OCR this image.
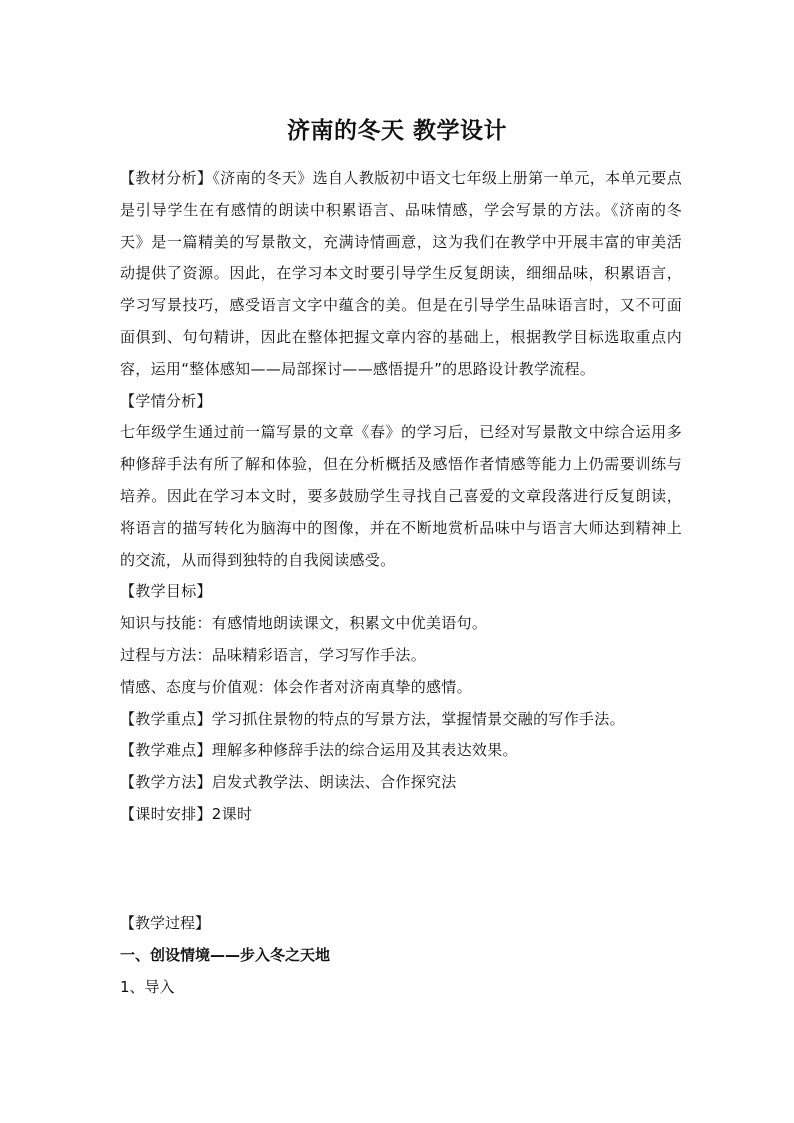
济南的冬天 教学设计

【教材分析】《济南的冬天》选自人教版初中语文七年级上册第一单元，本单元要点是引导学生在有感情的朗读中积累语言、品味情感，学会写景的方法。《济南的冬天》是一篇精美的写景散文，充满诗情画意，这为我们在教学中开展丰富的审美活动提供了资源。因此，在学习本文时要引导学生反复朗读，细细品味，积累语言，学习写景技巧，感受语言文字中蕴含的美。但是在引导学生品味语言时，又不可面面俱到、句句精讲，因此在整体把握文章内容的基础上，根据教学目标选取重点内容，运用“整体感知——局部探讨——感悟提升”的思路设计教学流程。

【学情分析】

七年级学生通过前一篇写景的文章《春》的学习后，已经对写景散文中综合运用多种修辞手法有所了解和体验，但在分析概括及感悟作者情感等能力上仍需要训练与培养。因此在学习本文时，要多鼓励学生寻找自己喜爱的文章段落进行反复朗读，将语言的描写转化为脑海中的图像，并在不断地赏析品味中与语言大师达到精神上的交流，从而得到独特的自我阅读感受。

【教学目标】

知识与技能：有感情地朗读课文，积累文中优美语句。

过程与方法：品味精彩语言，学习写作手法。

情感、态度与价值观：体会作者对济南真挚的感情。

【教学重点】学习抓住景物的特点的写景方法，掌握情景交融的写作手法。

【教学难点】理解多种修辞手法的综合运用及其表达效果。

【教学方法】启发式教学法、朗读法、合作探究法

【课时安排】2课时

【教学过程】
一、创设情境——步入冬之天地
1、导入
